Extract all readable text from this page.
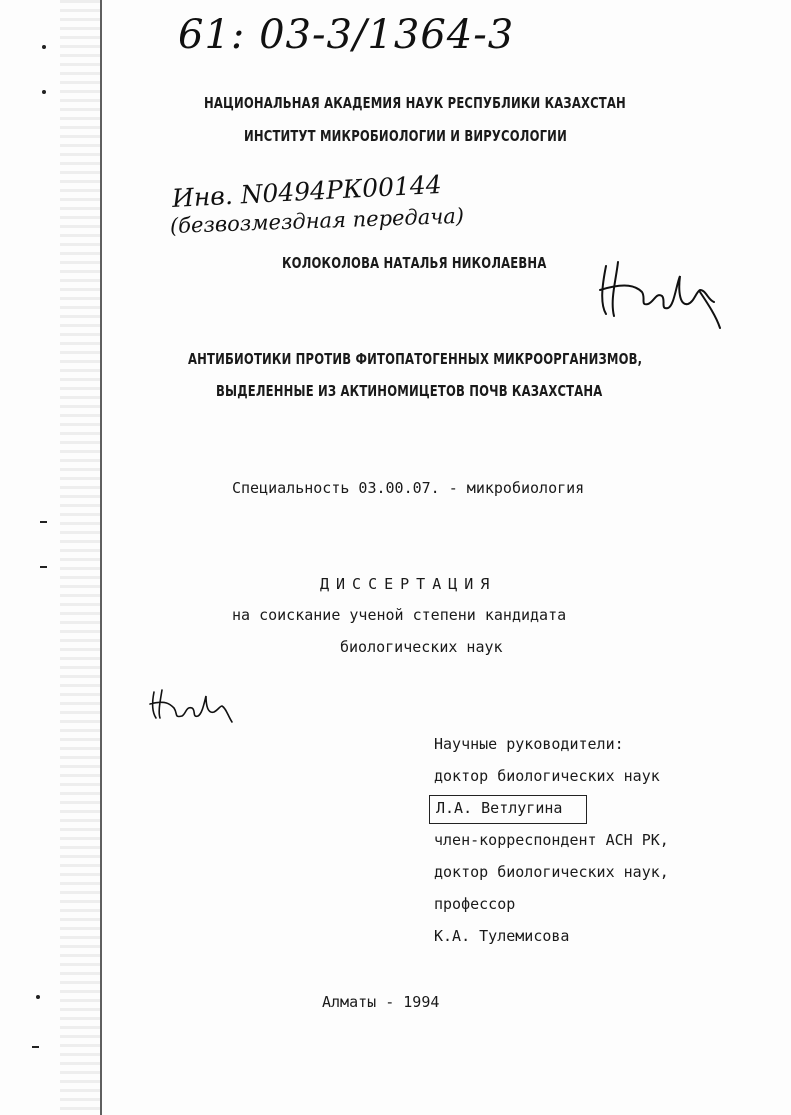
61: 03-3/1364-3
НАЦИОНАЛЬНАЯ АКАДЕМИЯ НАУК РЕСПУБЛИКИ КАЗАХСТАН
ИНСТИТУТ МИКРОБИОЛОГИИ И ВИРУСОЛОГИИ
Инв. N0494РК00144
(безвозмездная передача)
КОЛОКОЛОВА НАТАЛЬЯ НИКОЛАЕВНА
АНТИБИОТИКИ ПРОТИВ ФИТОПАТОГЕННЫХ МИКРООРГАНИЗМОВ,
ВЫДЕЛЕННЫЕ ИЗ АКТИНОМИЦЕТОВ ПОЧВ КАЗАХСТАНА
Специальность 03.00.07. - микробиология
ДИССЕРТАЦИЯ
на соискание ученой степени кандидата
биологических наук
Научные руководители:
доктор биологических наук
Л.А. Ветлугина
член-корреспондент АСН РК,
доктор биологических наук,
профессор
К.А. Тулемисова
Алматы - 1994
